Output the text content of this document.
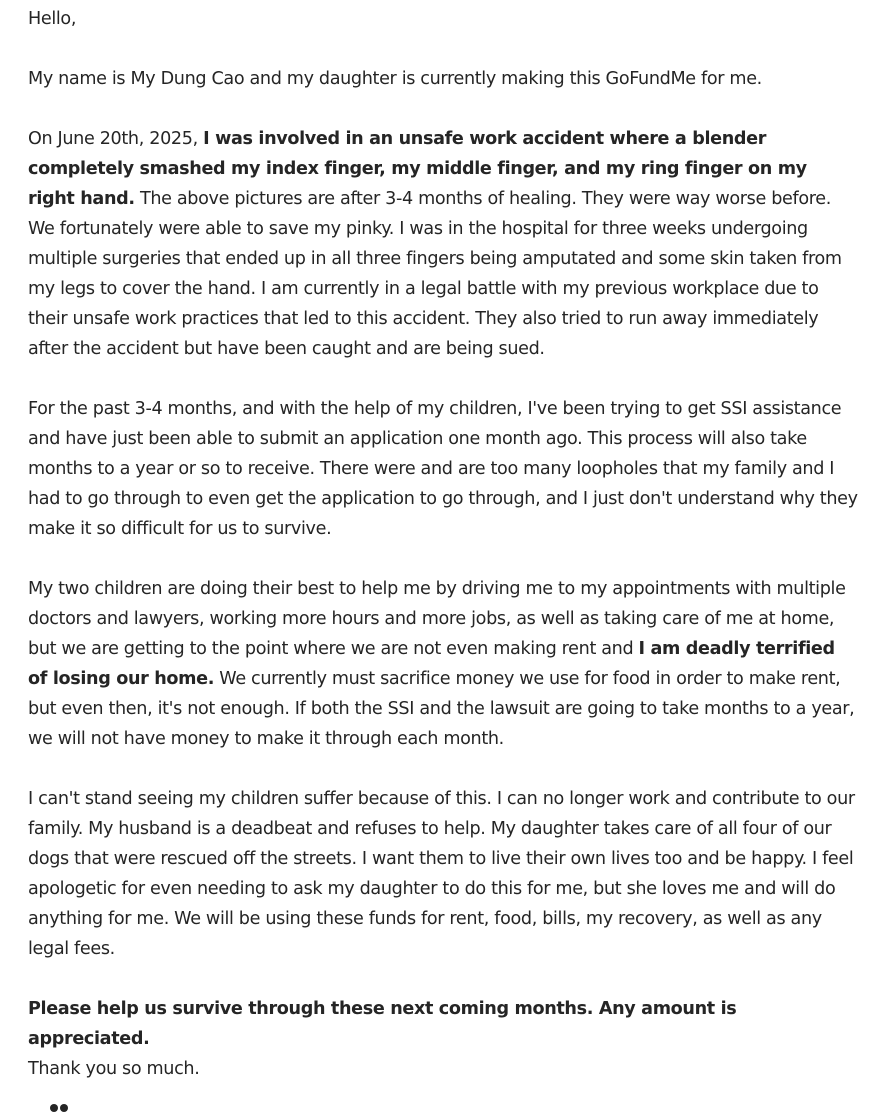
Hello,

My name is My Dung Cao and my daughter is currently making this GoFundMe for me.

On June 20th, 2025, I was involved in an unsafe work accident where a blender completely smashed my index finger, my middle finger, and my ring finger on my right hand. The above pictures are after 3-4 months of healing. They were way worse before. We fortunately were able to save my pinky. I was in the hospital for three weeks undergoing multiple surgeries that ended up in all three fingers being amputated and some skin taken from my legs to cover the hand. I am currently in a legal battle with my previous workplace due to their unsafe work practices that led to this accident. They also tried to run away immediately after the accident but have been caught and are being sued.

For the past 3-4 months, and with the help of my children, I've been trying to get SSI assistance and have just been able to submit an application one month ago. This process will also take months to a year or so to receive. There were and are too many loopholes that my family and I had to go through to even get the application to go through, and I just don't understand why they make it so difficult for us to survive.

My two children are doing their best to help me by driving me to my appointments with multiple doctors and lawyers, working more hours and more jobs, as well as taking care of me at home, but we are getting to the point where we are not even making rent and I am deadly terrified of losing our home. We currently must sacrifice money we use for food in order to make rent, but even then, it's not enough. If both the SSI and the lawsuit are going to take months to a year, we will not have money to make it through each month.

I can't stand seeing my children suffer because of this. I can no longer work and contribute to our family. My husband is a deadbeat and refuses to help. My daughter takes care of all four of our dogs that were rescued off the streets. I want them to live their own lives too and be happy. I feel apologetic for even needing to ask my daughter to do this for me, but she loves me and will do anything for me. We will be using these funds for rent, food, bills, my recovery, as well as any legal fees.

Please help us survive through these next coming months. Any amount is appreciated.
Thank you so much.
